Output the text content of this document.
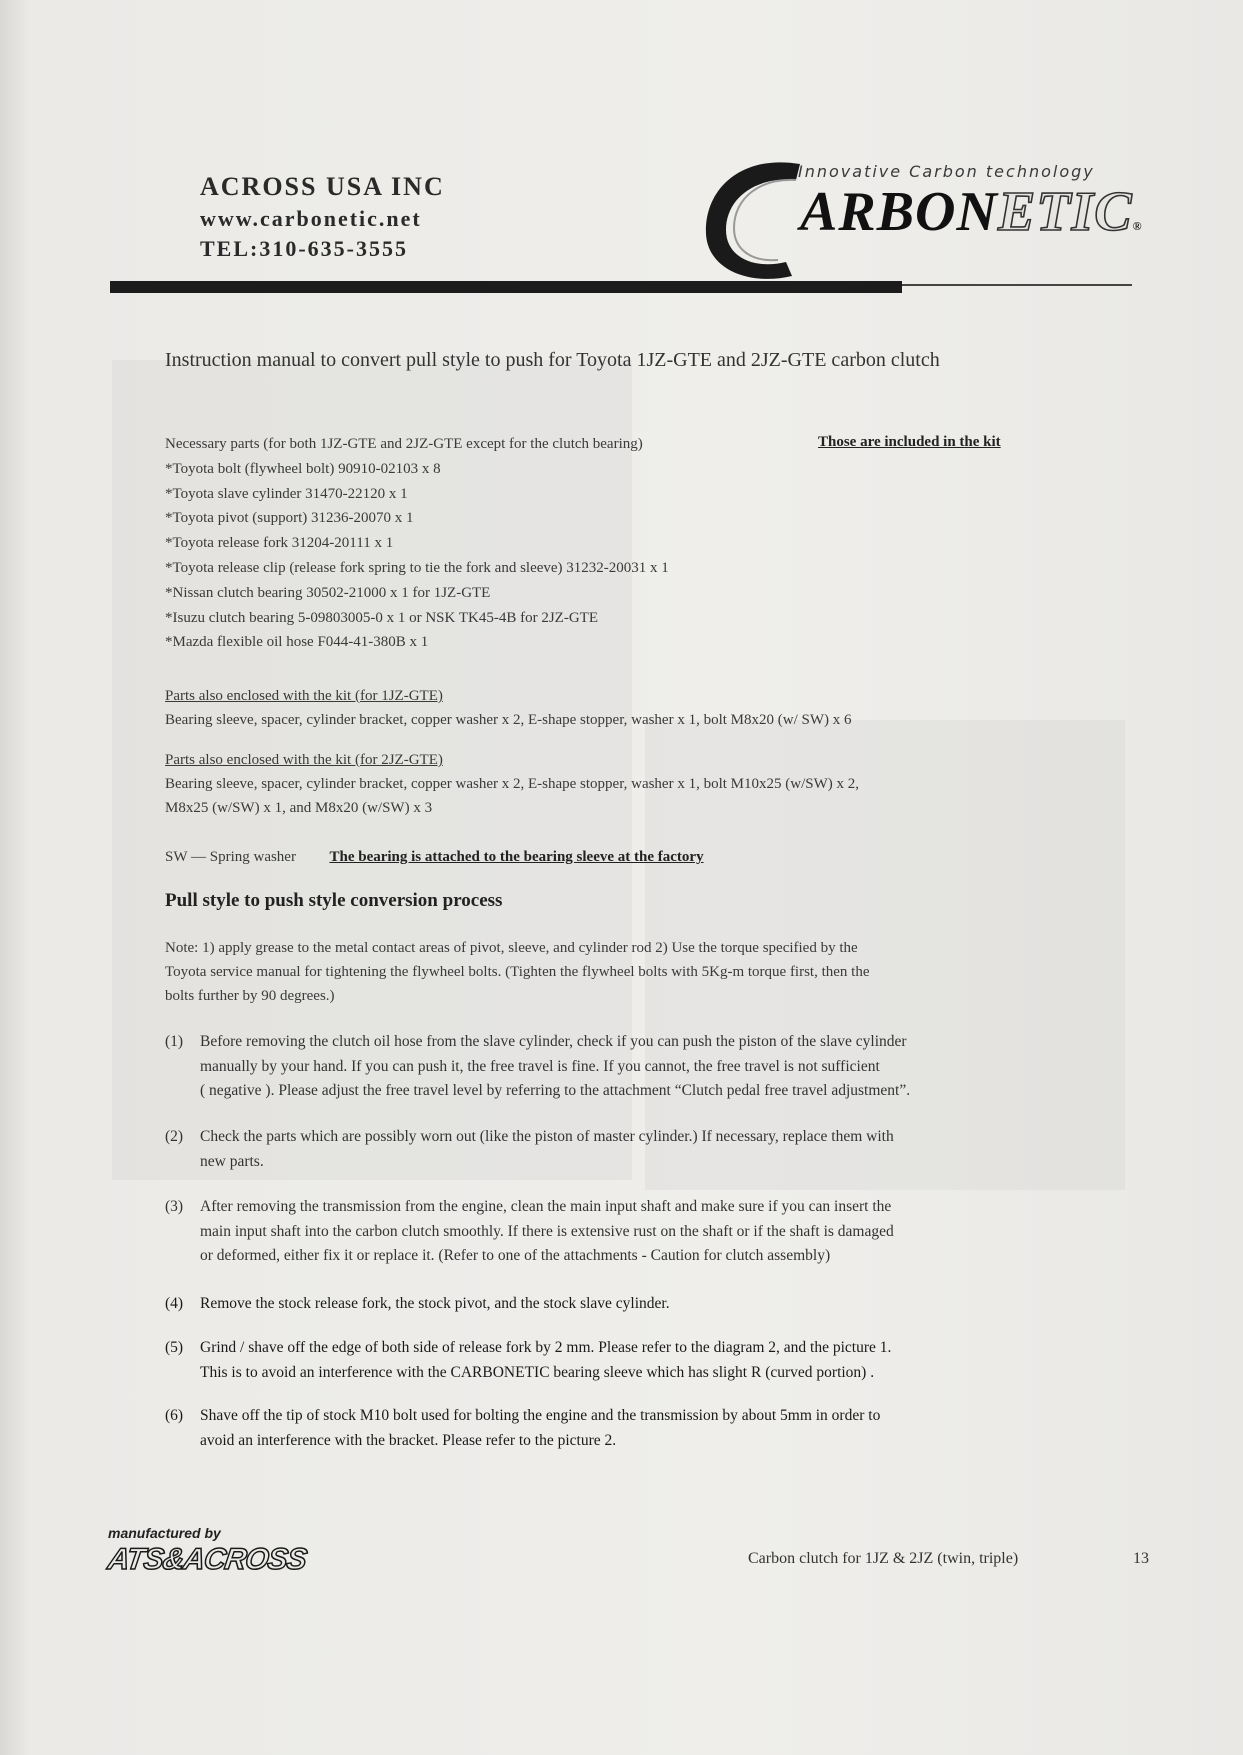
ACROSS USA INC
www.carbonetic.net
TEL:310-635-3555
Innovative Carbon technology
ARBONETIC®
Instruction manual to convert pull style to push for Toyota 1JZ-GTE and 2JZ-GTE carbon clutch
Necessary parts (for both 1JZ-GTE and 2JZ-GTE except for the clutch bearing)
*Toyota bolt (flywheel bolt) 90910-02103 x 8
*Toyota slave cylinder 31470-22120 x 1
*Toyota pivot (support) 31236-20070 x 1
*Toyota release fork 31204-20111 x 1
*Toyota release clip (release fork spring to tie the fork and sleeve) 31232-20031 x 1
*Nissan clutch bearing 30502-21000 x 1 for 1JZ-GTE
*Isuzu clutch bearing 5-09803005-0 x 1 or NSK TK45-4B for 2JZ-GTE
*Mazda flexible oil hose F044-41-380B x 1
Those are included in the kit
Parts also enclosed with the kit (for 1JZ-GTE)
Bearing sleeve, spacer, cylinder bracket, copper washer x 2, E-shape stopper, washer x 1, bolt M8x20 (w/ SW) x 6
Parts also enclosed with the kit (for 2JZ-GTE)
Bearing sleeve, spacer, cylinder bracket, copper washer x 2, E-shape stopper, washer x 1, bolt M10x25 (w/SW) x 2,
M8x25 (w/SW) x 1, and M8x20 (w/SW) x 3
SW — Spring washer The bearing is attached to the bearing sleeve at the factory
Pull style to push style conversion process
Note: 1) apply grease to the metal contact areas of pivot, sleeve, and cylinder rod 2) Use the torque specified by the
Toyota service manual for tightening the flywheel bolts. (Tighten the flywheel bolts with 5Kg-m torque first, then the
bolts further by 90 degrees.)
(1) Before removing the clutch oil hose from the slave cylinder, check if you can push the piston of the slave cylinder
manually by your hand. If you can push it, the free travel is fine. If you cannot, the free travel is not sufficient
( negative ). Please adjust the free travel level by referring to the attachment “Clutch pedal free travel adjustment”.
(2) Check the parts which are possibly worn out (like the piston of master cylinder.) If necessary, replace them with
new parts.
(3) After removing the transmission from the engine, clean the main input shaft and make sure if you can insert the
main input shaft into the carbon clutch smoothly. If there is extensive rust on the shaft or if the shaft is damaged
or deformed, either fix it or replace it. (Refer to one of the attachments - Caution for clutch assembly)
(4) Remove the stock release fork, the stock pivot, and the stock slave cylinder.
(5) Grind / shave off the edge of both side of release fork by 2 mm. Please refer to the diagram 2, and the picture 1.
This is to avoid an interference with the CARBONETIC bearing sleeve which has slight R (curved portion) .
(6) Shave off the tip of stock M10 bolt used for bolting the engine and the transmission by about 5mm in order to
avoid an interference with the bracket. Please refer to the picture 2.
manufactured by
ATS&ACROSS	Carbon clutch for 1JZ & 2JZ (twin, triple)	13
